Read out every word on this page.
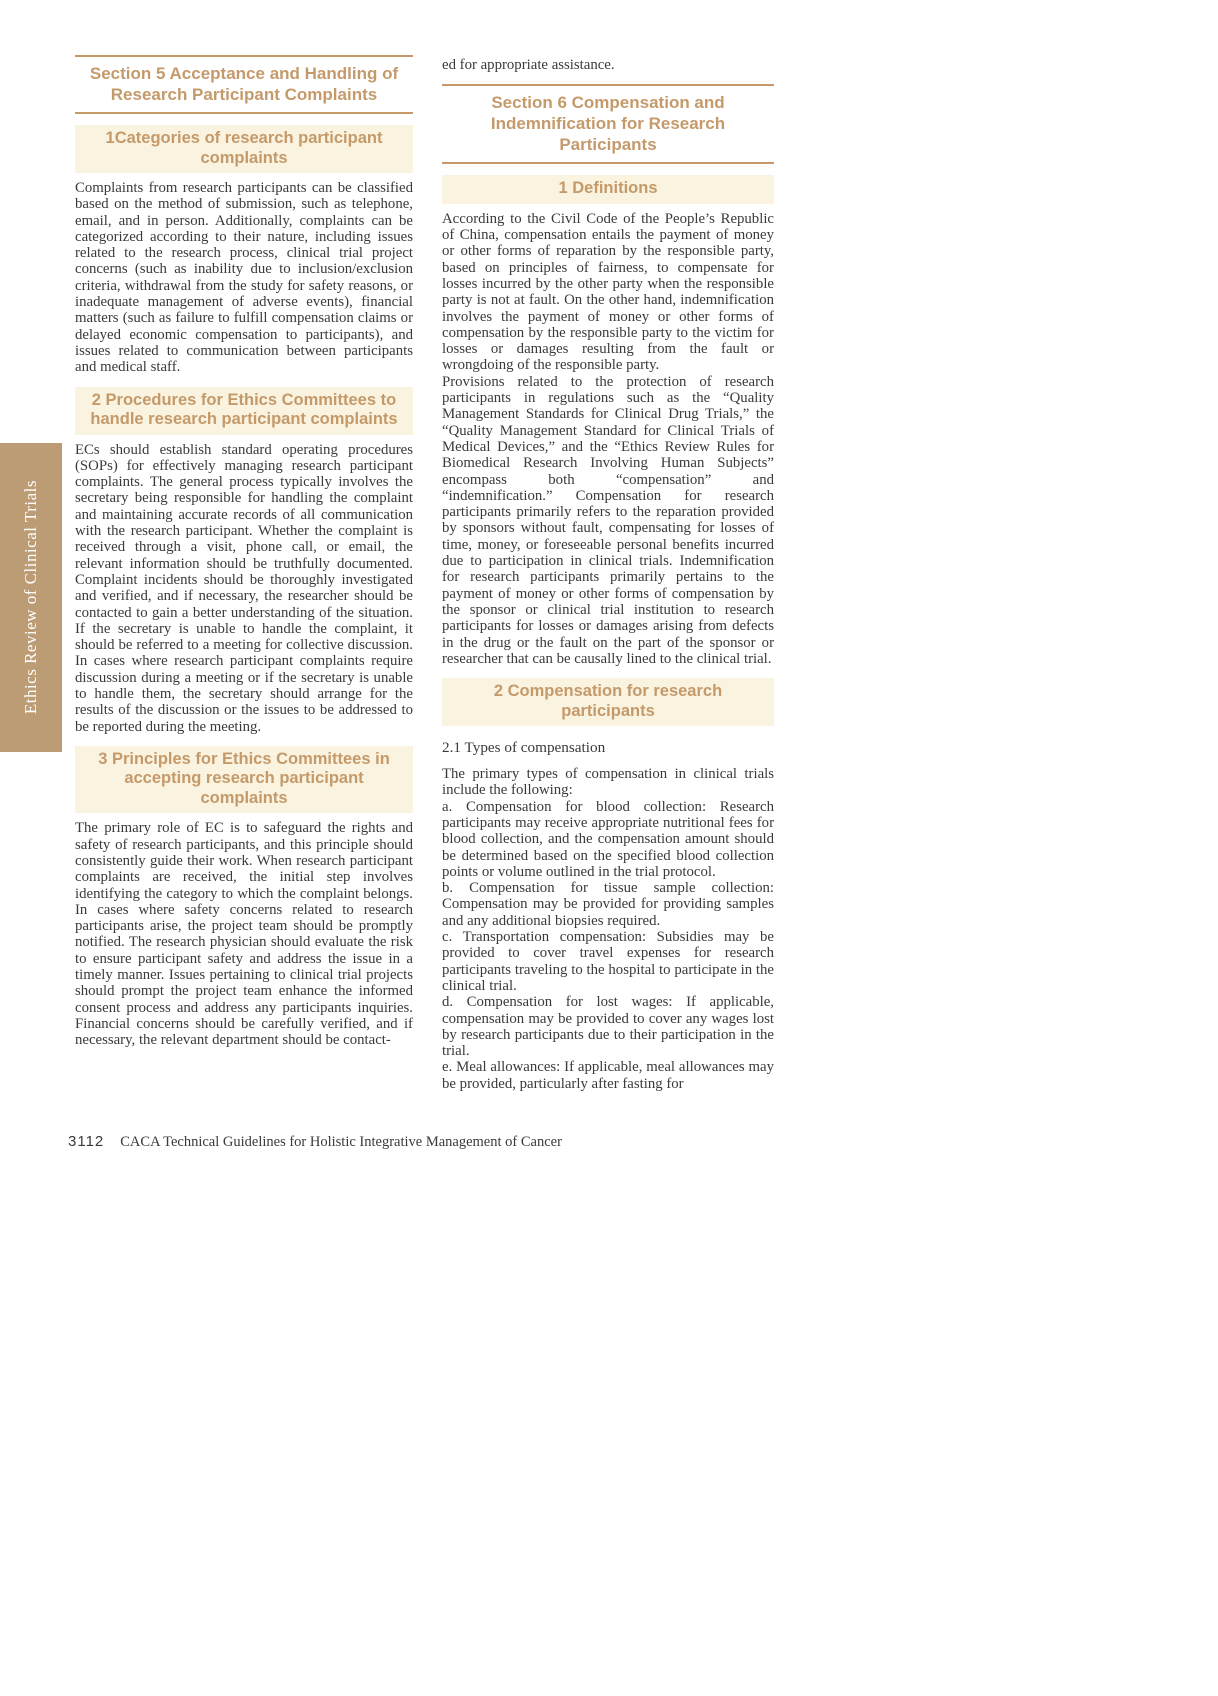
Ethics Review of Clinical Trials
Section 5 Acceptance and Handling of
Research Participant Complaints
1Categories of research participant
complaints
Complaints from research participants can be classified based on the method of submission, such as telephone, email, and in person. Additionally, complaints can be categorized according to their nature, including issues related to the research process, clinical trial project concerns (such as inability due to inclusion/exclusion criteria, withdrawal from the study for safety reasons, or inadequate management of adverse events), financial matters (such as failure to fulfill compensation claims or delayed economic compensation to participants), and issues related to communication between participants and medical staff.
2 Procedures for Ethics Committees to
handle research participant complaints
ECs should establish standard operating procedures (SOPs) for effectively managing research participant complaints. The general process typically involves the secretary being responsible for handling the complaint and maintaining accurate records of all communication with the research participant. Whether the complaint is received through a visit, phone call, or email, the relevant information should be truthfully documented. Complaint incidents should be thoroughly investigated and verified, and if necessary, the researcher should be contacted to gain a better understanding of the situation. If the secretary is unable to handle the complaint, it should be referred to a meeting for collective discussion. In cases where research participant complaints require discussion during a meeting or if the secretary is unable to handle them, the secretary should arrange for the results of the discussion or the issues to be addressed to be reported during the meeting.
3 Principles for Ethics Committees in
accepting research participant complaints
The primary role of EC is to safeguard the rights and safety of research participants, and this principle should consistently guide their work. When research participant complaints are received, the initial step involves identifying the category to which the complaint belongs. In cases where safety concerns related to research participants arise, the project team should be promptly notified. The research physician should evaluate the risk to ensure participant safety and address the issue in a timely manner. Issues pertaining to clinical trial projects should prompt the project team enhance the informed consent process and address any participants inquiries. Financial concerns should be carefully verified, and if necessary, the relevant department should be contact-
ed for appropriate assistance.
Section 6 Compensation and
Indemnification for Research Participants
1 Definitions
According to the Civil Code of the People’s Republic of China, compensation entails the payment of money or other forms of reparation by the responsible party, based on principles of fairness, to compensate for losses incurred by the other party when the responsible party is not at fault. On the other hand, indemnification involves the payment of money or other forms of compensation by the responsible party to the victim for losses or damages resulting from the fault or wrongdoing of the responsible party.
Provisions related to the protection of research participants in regulations such as the “Quality Management Standards for Clinical Drug Trials,” the “Quality Management Standard for Clinical Trials of Medical Devices,” and the “Ethics Review Rules for Biomedical Research Involving Human Subjects” encompass both “compensation” and “indemnification.” Compensation for research participants primarily refers to the reparation provided by sponsors without fault, compensating for losses of time, money, or foreseeable personal benefits incurred due to participation in clinical trials. Indemnification for research participants primarily pertains to the payment of money or other forms of compensation by the sponsor or clinical trial institution to research participants for losses or damages arising from defects in the drug or the fault on the part of the sponsor or researcher that can be causally lined to the clinical trial.
2 Compensation for research participants
2.1 Types of compensation
The primary types of compensation in clinical trials include the following:
a. Compensation for blood collection: Research participants may receive appropriate nutritional fees for blood collection, and the compensation amount should be determined based on the specified blood collection points or volume outlined in the trial protocol.
b. Compensation for tissue sample collection: Compensation may be provided for providing samples and any additional biopsies required.
c. Transportation compensation: Subsidies may be provided to cover travel expenses for research participants traveling to the hospital to participate in the clinical trial.
d. Compensation for lost wages: If applicable, compensation may be provided to cover any wages lost by research participants due to their participation in the trial.
e. Meal allowances: If applicable, meal allowances may be provided, particularly after fasting for
3112 CACA Technical Guidelines for Holistic Integrative Management of Cancer
